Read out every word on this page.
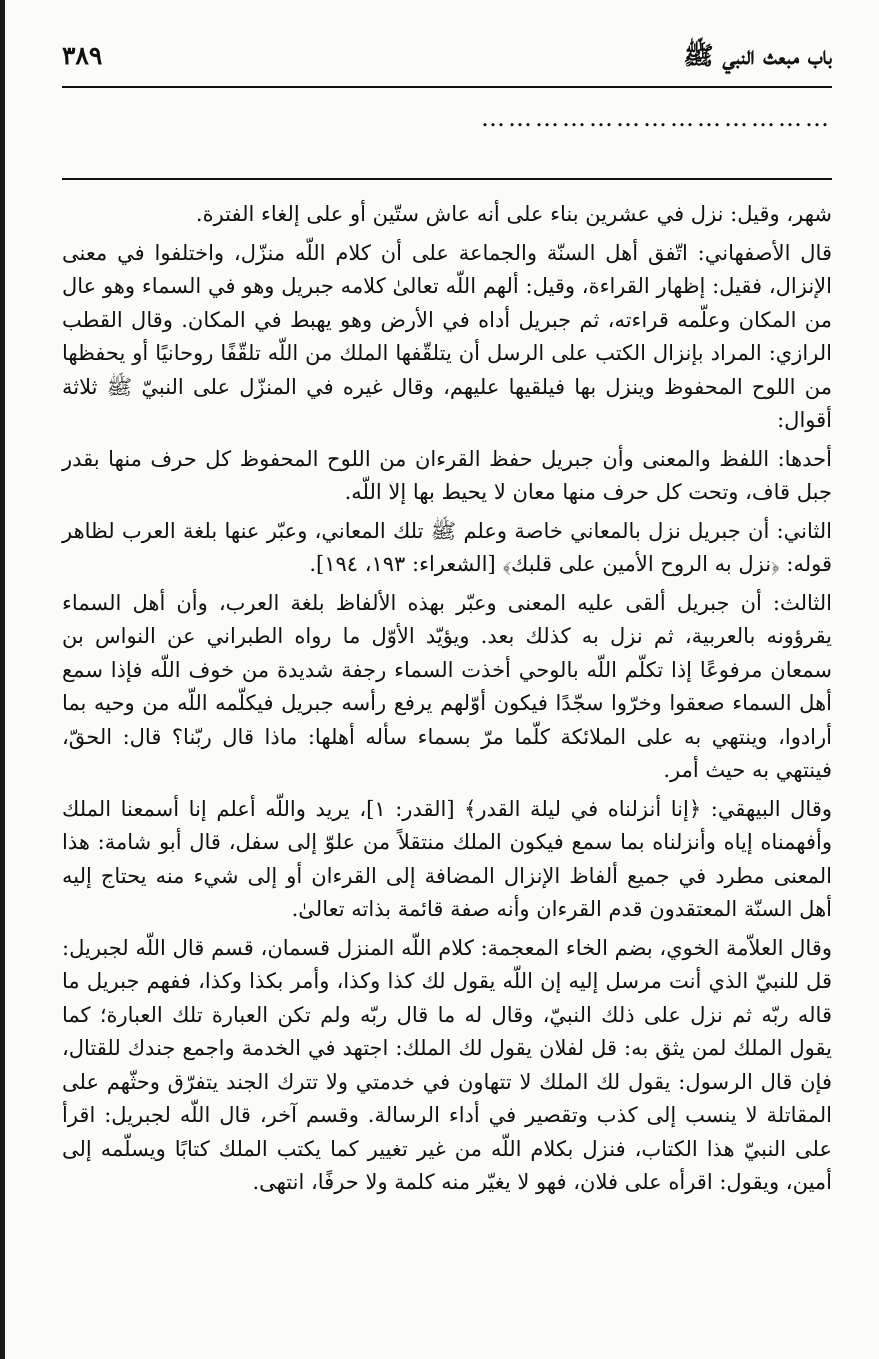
باب مبعث النبي ﷺ
٣٨٩
…………………………………

شهر، وقيل: نزل في عشرين بناء على أنه عاش ستّين أو على إلغاء الفترة.

قال الأصفهاني: اتّفق أهل السنّة والجماعة على أن كلام اللّه منزّل، واختلفوا في معنى الإنزال، فقيل: إظهار القراءة، وقيل: ألهم اللّه تعالىٰ كلامه جبريل وهو في السماء وهو عال من المكان وعلّمه قراءته، ثم جبريل أداه في الأرض وهو يهبط في المكان. وقال القطب الرازي: المراد بإنزال الكتب على الرسل أن يتلقّفها الملك من اللّه تلقّفًا روحانيًا أو يحفظها من اللوح المحفوظ وينزل بها فيلقيها عليهم، وقال غيره في المنزّل على النبيّ ﷺ ثلاثة أقوال:

أحدها: اللفظ والمعنى وأن جبريل حفظ القرءان من اللوح المحفوظ كل حرف منها بقدر جبل قاف، وتحت كل حرف منها معان لا يحيط بها إلا اللّه.

الثاني: أن جبريل نزل بالمعاني خاصة وعلم ﷺ تلك المعاني، وعبّر عنها بلغة العرب لظاهر قوله: ﴿نزل به الروح الأمين على قلبك﴾ [الشعراء: ١٩٣، ١٩٤].

الثالث: أن جبريل ألقى عليه المعنى وعبّر بهذه الألفاظ بلغة العرب، وأن أهل السماء يقرؤونه بالعربية، ثم نزل به كذلك بعد. ويؤيّد الأوّل ما رواه الطبراني عن النواس بن سمعان مرفوعًا إذا تكلّم اللّه بالوحي أخذت السماء رجفة شديدة من خوف اللّه فإذا سمع أهل السماء صعقوا وخرّوا سجّدًا فيكون أوّلهم يرفع رأسه جبريل فيكلّمه اللّه من وحيه بما أرادوا، وينتهي به على الملائكة كلّما مرّ بسماء سأله أهلها: ماذا قال ربّنا؟ قال: الحقّ، فينتهي به حيث أمر.

وقال البيهقي: ﴿إنا أنزلناه في ليلة القدر﴾ [القدر: ١]، يريد واللّه أعلم إنا أسمعنا الملك وأفهمناه إياه وأنزلناه بما سمع فيكون الملك منتقلاً من علوّ إلى سفل، قال أبو شامة: هذا المعنى مطرد في جميع ألفاظ الإنزال المضافة إلى القرءان أو إلى شيء منه يحتاج إليه أهل السنّة المعتقدون قدم القرءان وأنه صفة قائمة بذاته تعالىٰ.

وقال العلاّمة الخوي، بضم الخاء المعجمة: كلام اللّه المنزل قسمان، قسم قال اللّه لجبريل: قل للنبيّ الذي أنت مرسل إليه إن اللّه يقول لك كذا وكذا، وأمر بكذا وكذا، ففهم جبريل ما قاله ربّه ثم نزل على ذلك النبيّ، وقال له ما قال ربّه ولم تكن العبارة تلك العبارة؛ كما يقول الملك لمن يثق به: قل لفلان يقول لك الملك: اجتهد في الخدمة واجمع جندك للقتال، فإن قال الرسول: يقول لك الملك لا تتهاون في خدمتي ولا تترك الجند يتفرّق وحثّهم على المقاتلة لا ينسب إلى كذب وتقصير في أداء الرسالة. وقسم آخر، قال اللّه لجبريل: اقرأ على النبيّ هذا الكتاب، فنزل بكلام اللّه من غير تغيير كما يكتب الملك كتابًا ويسلّمه إلى أمين، ويقول: اقرأه على فلان، فهو لا يغيّر منه كلمة ولا حرفًا، انتهى.
